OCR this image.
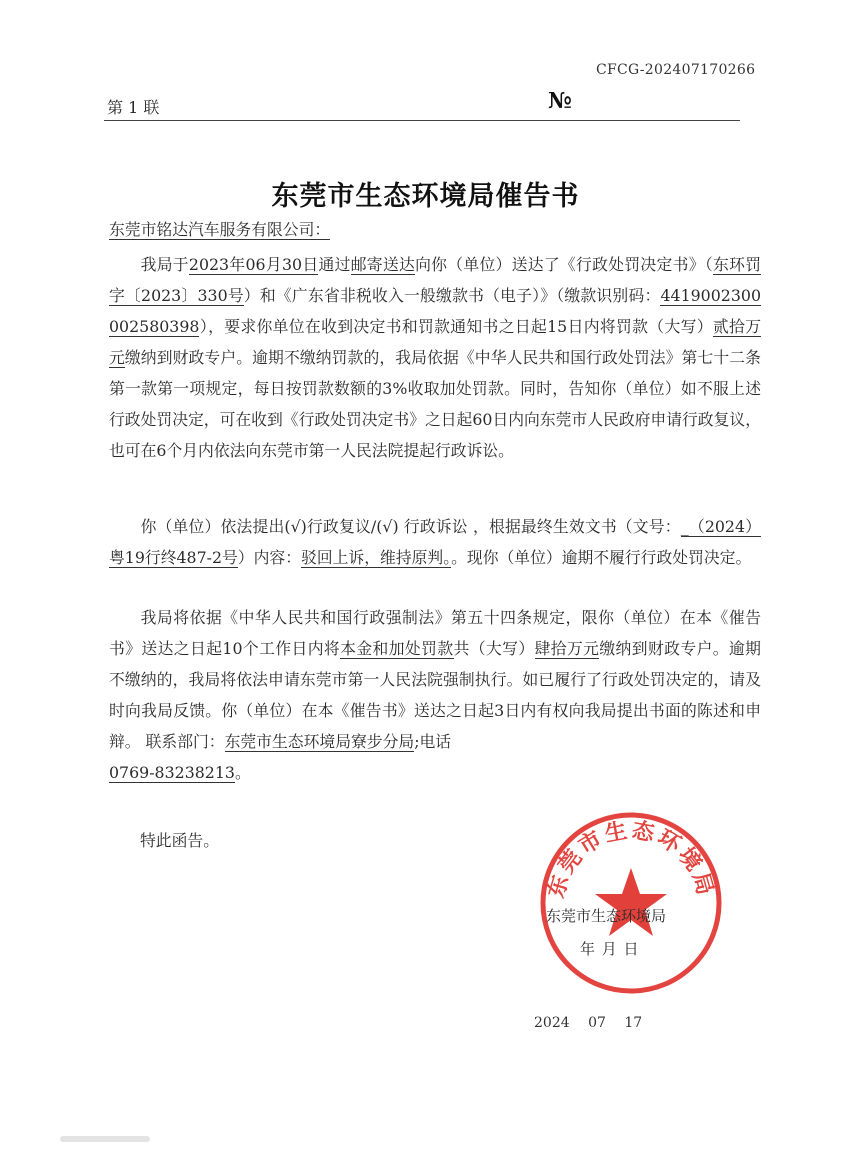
CFCG-202407170266
第 1 联	№
东莞市生态环境局催告书
东莞市铭达汽车服务有限公司：
我局于2023年06月30日通过邮寄送达向你（单位）送达了《行政处罚决定书》（东环罚字〔2023〕330号）和《广东省非税收入一般缴款书（电子）》（缴款识别码：4419002300002580398），要求你单位在收到决定书和罚款通知书之日起15日内将罚款（大写）贰拾万元缴纳到财政专户。逾期不缴纳罚款的，我局依据《中华人民共和国行政处罚法》第七十二条第一款第一项规定，每日按罚款数额的3%收取加处罚款。同时，告知你（单位）如不服上述行政处罚决定，可在收到《行政处罚决定书》之日起60日内向东莞市人民政府申请行政复议，也可在6个月内依法向东莞市第一人民法院提起行政诉讼。
你（单位）依法提出(√)行政复议/(√) 行政诉讼 ，根据最终生效文书（文号：_（2024）粤19行终487-2号）内容：驳回上诉，维持原判。。现你（单位）逾期不履行行政处罚决定。
我局将依据《中华人民共和国行政强制法》第五十四条规定，限你（单位）在本《催告书》送达之日起10个工作日内将本金和加处罚款共（大写）肆拾万元缴纳到财政专户。逾期不缴纳的，我局将依法申请东莞市第一人民法院强制执行。如已履行了行政处罚决定的，请及时向我局反馈。你（单位）在本《催告书》送达之日起3日内有权向我局提出书面的陈述和申辩。 联系部门：东莞市生态环境局寮步分局;电话
0769-83238213。
特此函告。
东莞市生态环境局
东莞市生态环境局
年 月 日
2024 07 17
